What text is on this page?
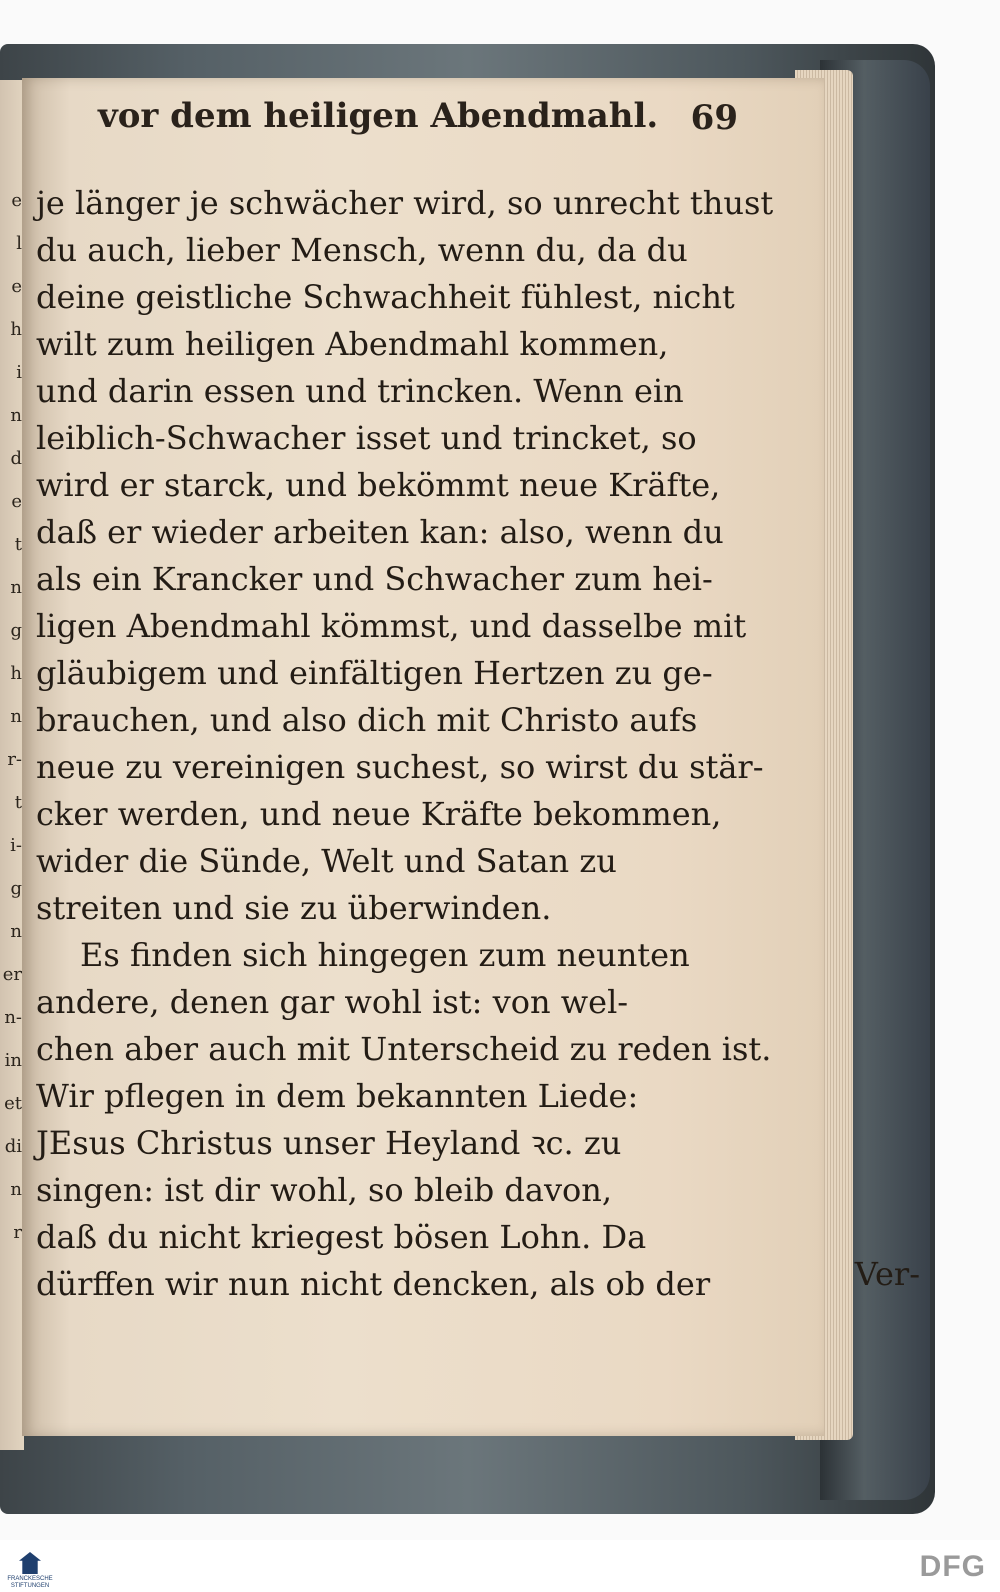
e
l
e
h
i
n
d
e
t
n
g
h
n
r-
t
i-
g
n
er
n-
in
et
di
n
r
vor dem heiligen Abendmahl. 69
je länger je schwächer wird, so unrecht thust
du auch, lieber Mensch, wenn du, da du
deine geistliche Schwachheit fühlest, nicht
wilt zum heiligen Abendmahl kommen,
und darin essen und trincken. Wenn ein
leiblich-Schwacher isset und trincket, so
wird er starck, und bekömmt neue Kräfte,
daß er wieder arbeiten kan: also, wenn du
als ein Krancker und Schwacher zum hei-
ligen Abendmahl kömmst, und dasselbe mit
gläubigem und einfältigen Hertzen zu ge-
brauchen, und also dich mit Christo aufs
neue zu vereinigen suchest, so wirst du stär-
cker werden, und neue Kräfte bekommen,
wider die Sünde, Welt und Satan zu
streiten und sie zu überwinden.
Es finden sich hingegen zum neunten
andere, denen gar wohl ist: von wel-
chen aber auch mit Unterscheid zu reden ist.
Wir pflegen in dem bekannten Liede:
JEsus Christus unser Heyland ꝛc. zu
singen: ist dir wohl, so bleib davon,
daß du nicht kriegest bösen Lohn. Da
dürffen wir nun nicht dencken, als ob der	Ver-
FRANCKESCHE STIFTUNGEN
DFG
